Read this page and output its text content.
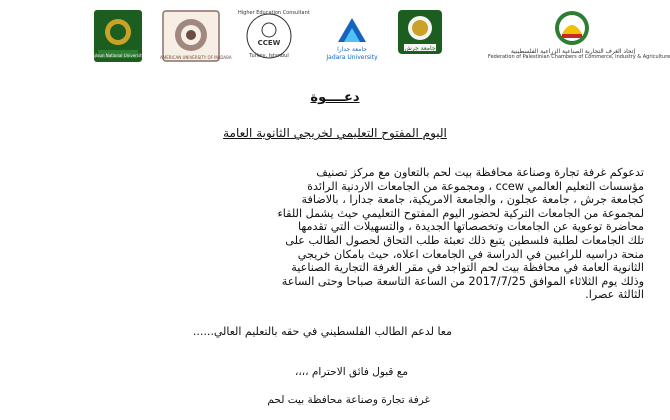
إتحاد الغرف التجارية الصناعية الزراعية الفلسطينية
Federation of Palestinian Chambers of Commerce, Industry & Agriculture
جامعة جرش
جامعة جدارا
Jadara University
Higher Education Consultant
CCEW
Turkey, Istanbul
AMERICAN UNIVERSITY OF MADABA
Ajloun National University
دعــــوة
اليوم المفتوح التعليمي لخريجي الثانوية العامة
تدعوكم غرفة تجارة وصناعة محافظة بيت لحم بالتعاون مع مركز تصنيف
مؤسسات التعليم العالمي ccew ، ومجموعة من الجامعات الاردنية الرائدة
كجامعة جرش ، جامعة عجلون ، والجامعة الامريكية، جامعة جدارا ، بالاضافة
لمجموعة من الجامعات التركية لحضور اليوم المفتوح التعليمي حيث يشمل اللقاء
محاضرة توعوية عن الجامعات وتخصصاتها الجديدة ، والتسهيلات التي تقدمها
تلك الجامعات لطلبة فلسطين يتبع ذلك تعبئة طلب التحاق لحصول الطالب على
منحة دراسيه للراغبين في الدراسة في الجامعات اعلاه، حيث بامكان خريجي
الثانوية العامة في محافظة بيت لحم التواجد في مقر الغرفة التجارية الصناعية
وذلك يوم الثلاثاء الموافق 2017/7/25 من الساعة التاسعة صباحا وحتى الساعة
الثالثة عصرا.
معا لدعم الطالب الفلسطيني في حقه بالتعليم العالي......
مع قبول فائق الاحترام ،،،،
غرفة تجارة وصناعة محافظة بيت لحم
